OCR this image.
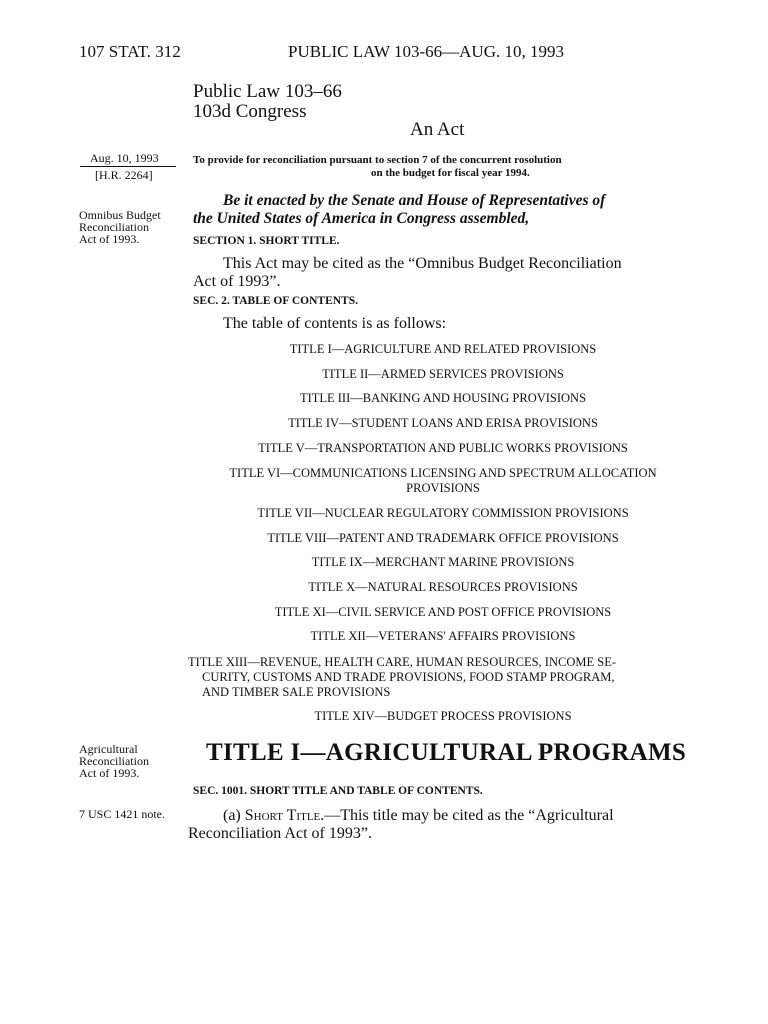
107 STAT. 312	PUBLIC LAW 103-66—AUG. 10, 1993
Public Law 103–66
103d Congress
An Act
Aug. 10, 1993
[H.R. 2264]
To provide for reconciliation pursuant to section 7 of the concurrent rosolution
on the budget for fiscal year 1994.
Be it enacted by the Senate and House of Representatives of
the United States of America in Congress assembled,
Omnibus Budget
Reconciliation
Act of 1993.	SECTION 1. SHORT TITLE.
This Act may be cited as the “Omnibus Budget Reconciliation
Act of 1993”.
SEC. 2. TABLE OF CONTENTS.
The table of contents is as follows:
TITLE I—AGRICULTURE AND RELATED PROVISIONS
TITLE II—ARMED SERVICES PROVISIONS
TITLE III—BANKING AND HOUSING PROVISIONS
TITLE IV—STUDENT LOANS AND ERISA PROVISIONS
TITLE V—TRANSPORTATION AND PUBLIC WORKS PROVISIONS
TITLE VI—COMMUNICATIONS LICENSING AND SPECTRUM ALLOCATION
PROVISIONS
TITLE VII—NUCLEAR REGULATORY COMMISSION PROVISIONS
TITLE VIII—PATENT AND TRADEMARK OFFICE PROVISIONS
TITLE IX—MERCHANT MARINE PROVISIONS
TITLE X—NATURAL RESOURCES PROVISIONS
TITLE XI—CIVIL SERVICE AND POST OFFICE PROVISIONS
TITLE XII—VETERANS' AFFAIRS PROVISIONS
TITLE XIII—REVENUE, HEALTH CARE, HUMAN RESOURCES, INCOME SE-
CURITY, CUSTOMS AND TRADE PROVISIONS, FOOD STAMP PROGRAM,
AND TIMBER SALE PROVISIONS
TITLE XIV—BUDGET PROCESS PROVISIONS
Agricultural
Reconciliation
Act of 1993.
TITLE I—AGRICULTURAL PROGRAMS
SEC. 1001. SHORT TITLE AND TABLE OF CONTENTS.
7 USC 1421 note.	(a) Short Title.—This title may be cited as the “Agricultural
Reconciliation Act of 1993”.
